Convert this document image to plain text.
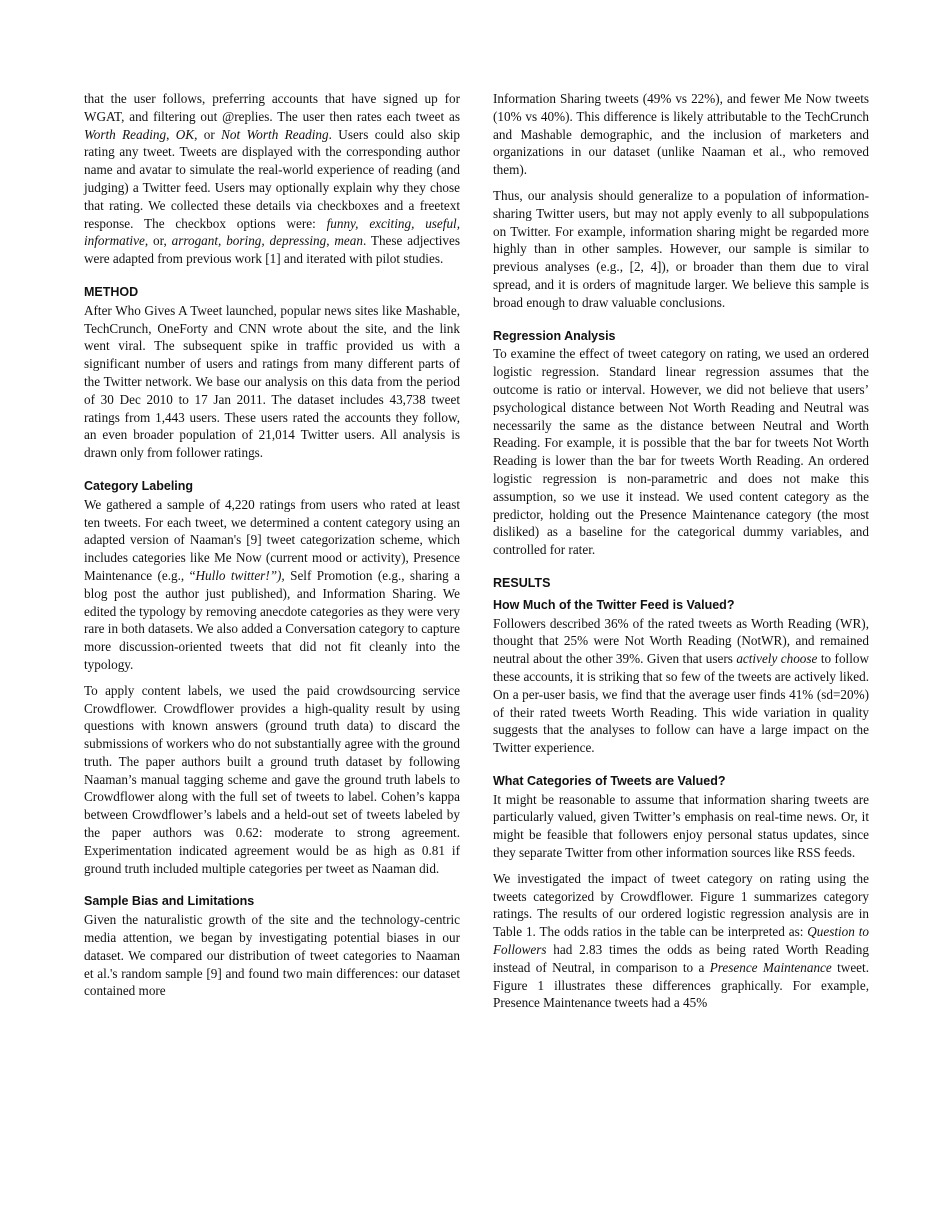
that the user follows, preferring accounts that have signed up for WGAT, and filtering out @replies. The user then rates each tweet as Worth Reading, OK, or Not Worth Reading. Users could also skip rating any tweet. Tweets are displayed with the corresponding author name and avatar to simulate the real-world experience of reading (and judging) a Twitter feed. Users may optionally explain why they chose that rating. We collected these details via checkboxes and a freetext response. The checkbox options were: funny, exciting, useful, informative, or, arrogant, boring, depressing, mean. These adjectives were adapted from previous work [1] and iterated with pilot studies.

METHOD

After Who Gives A Tweet launched, popular news sites like Mashable, TechCrunch, OneForty and CNN wrote about the site, and the link went viral. The subsequent spike in traffic provided us with a significant number of users and ratings from many different parts of the Twitter network. We base our analysis on this data from the period of 30 Dec 2010 to 17 Jan 2011. The dataset includes 43,738 tweet ratings from 1,443 users. These users rated the accounts they follow, an even broader population of 21,014 Twitter users. All analysis is drawn only from follower ratings.

Category Labeling

We gathered a sample of 4,220 ratings from users who rated at least ten tweets. For each tweet, we determined a content category using an adapted version of Naaman's [9] tweet categorization scheme, which includes categories like Me Now (current mood or activity), Presence Maintenance (e.g., “Hullo twitter!”), Self Promotion (e.g., sharing a blog post the author just published), and Information Sharing. We edited the typology by removing anecdote categories as they were very rare in both datasets. We also added a Conversation category to capture more discussion-oriented tweets that did not fit cleanly into the typology.

To apply content labels, we used the paid crowdsourcing service Crowdflower. Crowdflower provides a high-quality result by using questions with known answers (ground truth data) to discard the submissions of workers who do not substantially agree with the ground truth. The paper authors built a ground truth dataset by following Naaman’s manual tagging scheme and gave the ground truth labels to Crowdflower along with the full set of tweets to label. Cohen’s kappa between Crowdflower’s labels and a held-out set of tweets labeled by the paper authors was 0.62: moderate to strong agreement. Experimentation indicated agreement would be as high as 0.81 if ground truth included multiple categories per tweet as Naaman did.

Sample Bias and Limitations

Given the naturalistic growth of the site and the technology-centric media attention, we began by investigating potential biases in our dataset. We compared our distribution of tweet categories to Naaman et al.'s random sample [9] and found two main differences: our dataset contained more

Information Sharing tweets (49% vs 22%), and fewer Me Now tweets (10% vs 40%). This difference is likely attributable to the TechCrunch and Mashable demographic, and the inclusion of marketers and organizations in our dataset (unlike Naaman et al., who removed them).

Thus, our analysis should generalize to a population of information-sharing Twitter users, but may not apply evenly to all subpopulations on Twitter. For example, information sharing might be regarded more highly than in other samples. However, our sample is similar to previous analyses (e.g., [2, 4]), or broader than them due to viral spread, and it is orders of magnitude larger. We believe this sample is broad enough to draw valuable conclusions.

Regression Analysis

To examine the effect of tweet category on rating, we used an ordered logistic regression. Standard linear regression assumes that the outcome is ratio or interval. However, we did not believe that users’ psychological distance between Not Worth Reading and Neutral was necessarily the same as the distance between Neutral and Worth Reading. For example, it is possible that the bar for tweets Not Worth Reading is lower than the bar for tweets Worth Reading. An ordered logistic regression is non-parametric and does not make this assumption, so we use it instead. We used content category as the predictor, holding out the Presence Maintenance category (the most disliked) as a baseline for the categorical dummy variables, and controlled for rater.

RESULTS
How Much of the Twitter Feed is Valued?

Followers described 36% of the rated tweets as Worth Reading (WR), thought that 25% were Not Worth Reading (NotWR), and remained neutral about the other 39%. Given that users actively choose to follow these accounts, it is striking that so few of the tweets are actively liked. On a per-user basis, we find that the average user finds 41% (sd=20%) of their rated tweets Worth Reading. This wide variation in quality suggests that the analyses to follow can have a large impact on the Twitter experience.

What Categories of Tweets are Valued?

It might be reasonable to assume that information sharing tweets are particularly valued, given Twitter’s emphasis on real-time news. Or, it might be feasible that followers enjoy personal status updates, since they separate Twitter from other information sources like RSS feeds.

We investigated the impact of tweet category on rating using the tweets categorized by Crowdflower. Figure 1 summarizes category ratings. The results of our ordered logistic regression analysis are in Table 1. The odds ratios in the table can be interpreted as: Question to Followers had 2.83 times the odds as being rated Worth Reading instead of Neutral, in comparison to a Presence Maintenance tweet. Figure 1 illustrates these differences graphically. For example, Presence Maintenance tweets had a 45%
